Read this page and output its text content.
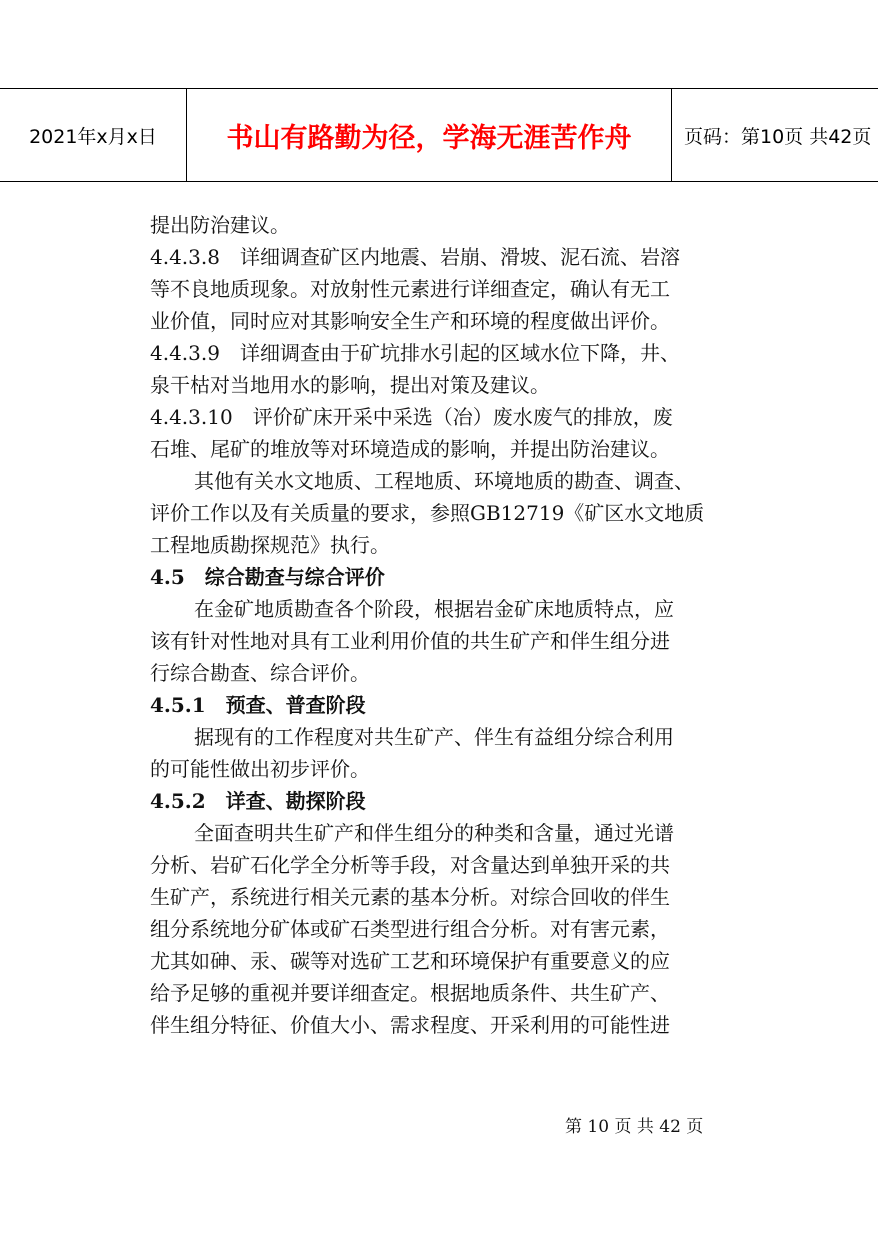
2021年x月x日	书山有路勤为径，学海无涯苦作舟	页码：第10页 共42页

提出防治建议。

4.4.3.8　详细调查矿区内地震、岩崩、滑坡、泥石流、岩溶

等不良地质现象。对放射性元素进行详细查定，确认有无工

业价值，同时应对其影响安全生产和环境的程度做出评价。

4.4.3.9　详细调查由于矿坑排水引起的区域水位下降，井、

泉干枯对当地用水的影响，提出对策及建议。

4.4.3.10　评价矿床开采中采选（冶）废水废气的排放，废

石堆、尾矿的堆放等对环境造成的影响，并提出防治建议。

其他有关水文地质、工程地质、环境地质的勘查、调查、

评价工作以及有关质量的要求，参照GB12719《矿区水文地质

工程地质勘探规范》执行。

4.5　综合勘查与综合评价

在金矿地质勘查各个阶段，根据岩金矿床地质特点，应

该有针对性地对具有工业利用价值的共生矿产和伴生组分进

行综合勘查、综合评价。

4.5.1　预查、普查阶段

据现有的工作程度对共生矿产、伴生有益组分综合利用

的可能性做出初步评价。

4.5.2　详查、勘探阶段

全面查明共生矿产和伴生组分的种类和含量，通过光谱

分析、岩矿石化学全分析等手段，对含量达到单独开采的共

生矿产，系统进行相关元素的基本分析。对综合回收的伴生

组分系统地分矿体或矿石类型进行组合分析。对有害元素，

尤其如砷、汞、碳等对选矿工艺和环境保护有重要意义的应

给予足够的重视并要详细查定。根据地质条件、共生矿产、

伴生组分特征、价值大小、需求程度、开采利用的可能性进

第 10 页 共 42 页
